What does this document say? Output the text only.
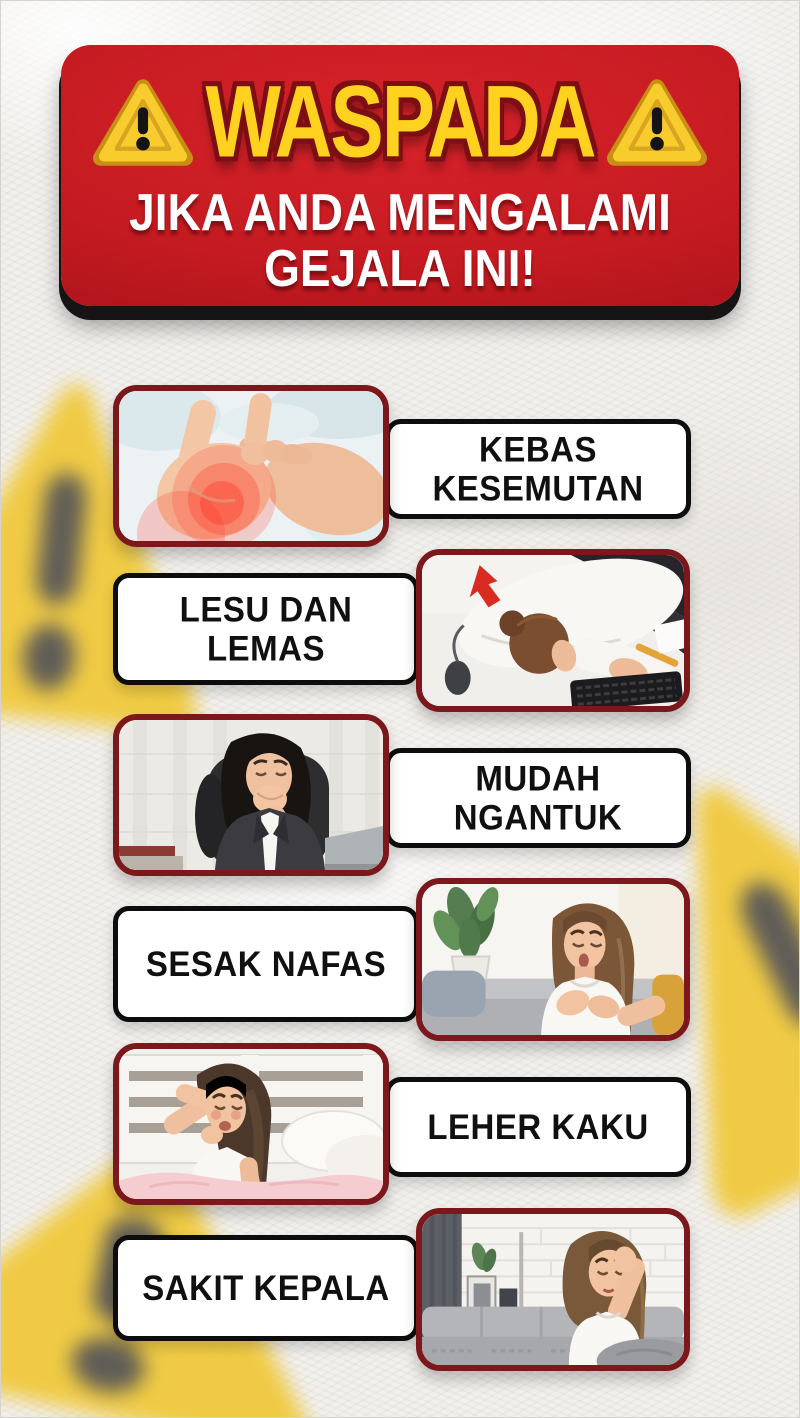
WASPADA
JIKA ANDA MENGALAMI
GEJALA INI!
KEBAS KESEMUTAN
LESU DAN LEMAS
MUDAH NGANTUK
SESAK NAFAS
LEHER KAKU
SAKIT KEPALA
